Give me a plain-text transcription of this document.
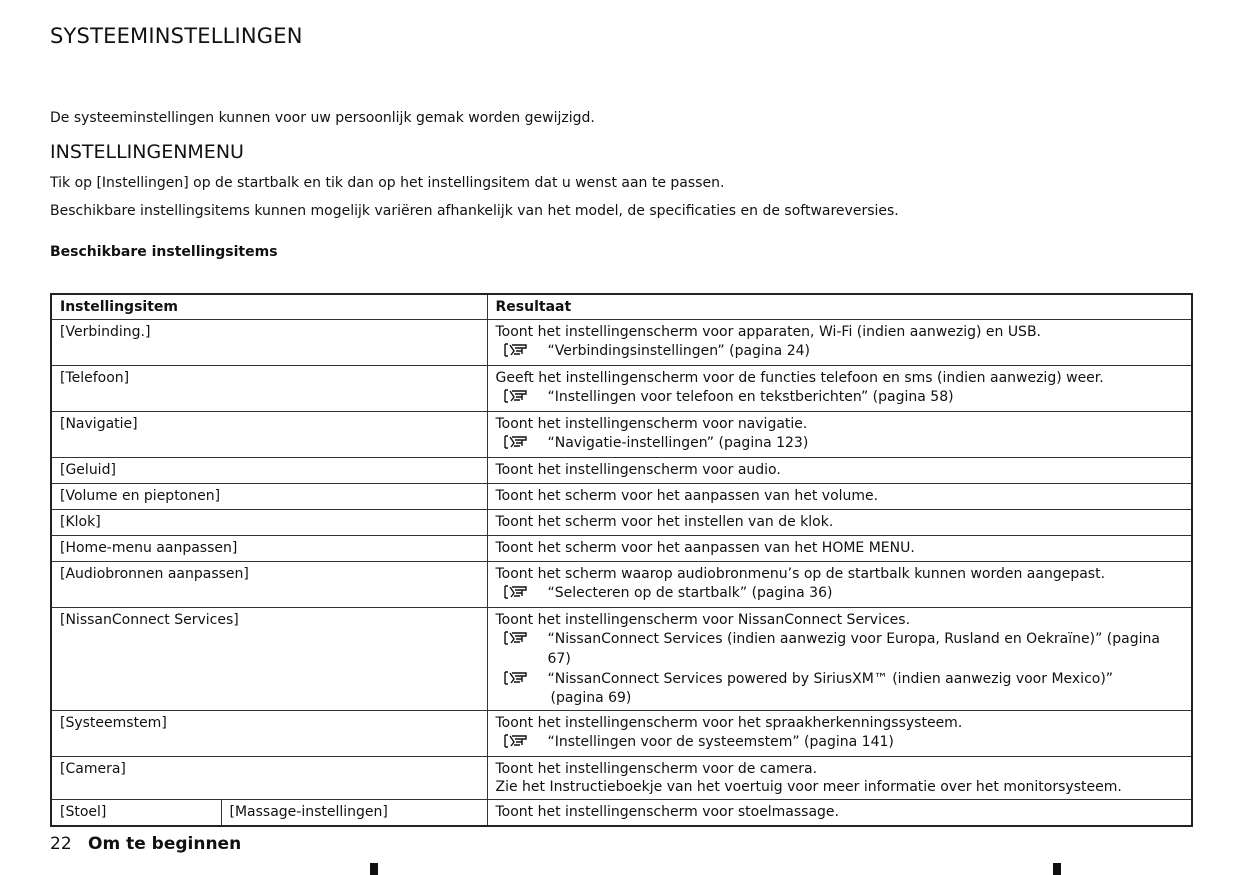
SYSTEEMINSTELLINGEN
De systeeminstellingen kunnen voor uw persoonlijk gemak worden gewijzigd.
INSTELLINGENMENU
Tik op [Instellingen] op de startbalk en tik dan op het instellingsitem dat u wenst aan te passen.
Beschikbare instellingsitems kunnen mogelijk variëren afhankelijk van het model, de specificaties en de softwareversies.
Beschikbare instellingsitems
Instellingsitem		Resultaat
[Verbinding.]		Toont het instellingenscherm voor apparaten, Wi-Fi (indien aanwezig) en USB.
“Verbindingsinstellingen” (pagina 24)

[Telefoon]		Geeft het instellingenscherm voor de functies telefoon en sms (indien aanwezig) weer.
“Instellingen voor telefoon en tekstberichten” (pagina 58)

[Navigatie]		Toont het instellingenscherm voor navigatie.
“Navigatie-instellingen” (pagina 123)

[Geluid]		Toont het instellingenscherm voor audio.
[Volume en pieptonen]		Toont het scherm voor het aanpassen van het volume.
[Klok]		Toont het scherm voor het instellen van de klok.
[Home-menu aanpassen]		Toont het scherm voor het aanpassen van het HOME MENU.
[Audiobronnen aanpassen]		Toont het scherm waarop audiobronmenu’s op de startbalk kunnen worden aangepast.
“Selecteren op de startbalk” (pagina 36)

[NissanConnect Services]		Toont het instellingenscherm voor NissanConnect Services.
“NissanConnect Services (indien aanwezig voor Europa, Rusland en Oekraïne)” (pagina 67)
“NissanConnect Services powered by SiriusXM™ (indien aanwezig voor Mexico)”
(pagina 69)

[Systeemstem]		Toont het instellingenscherm voor het spraakherkenningssysteem.
“Instellingen voor de systeemstem” (pagina 141)

[Camera]		Toont het instellingenscherm voor de camera.
Zie het Instructieboekje van het voertuig voor meer informatie over het monitorsysteem.

[Stoel]	[Massage-instellingen]	Toont het instellingenscherm voor stoelmassage.
22 Om te beginnen
